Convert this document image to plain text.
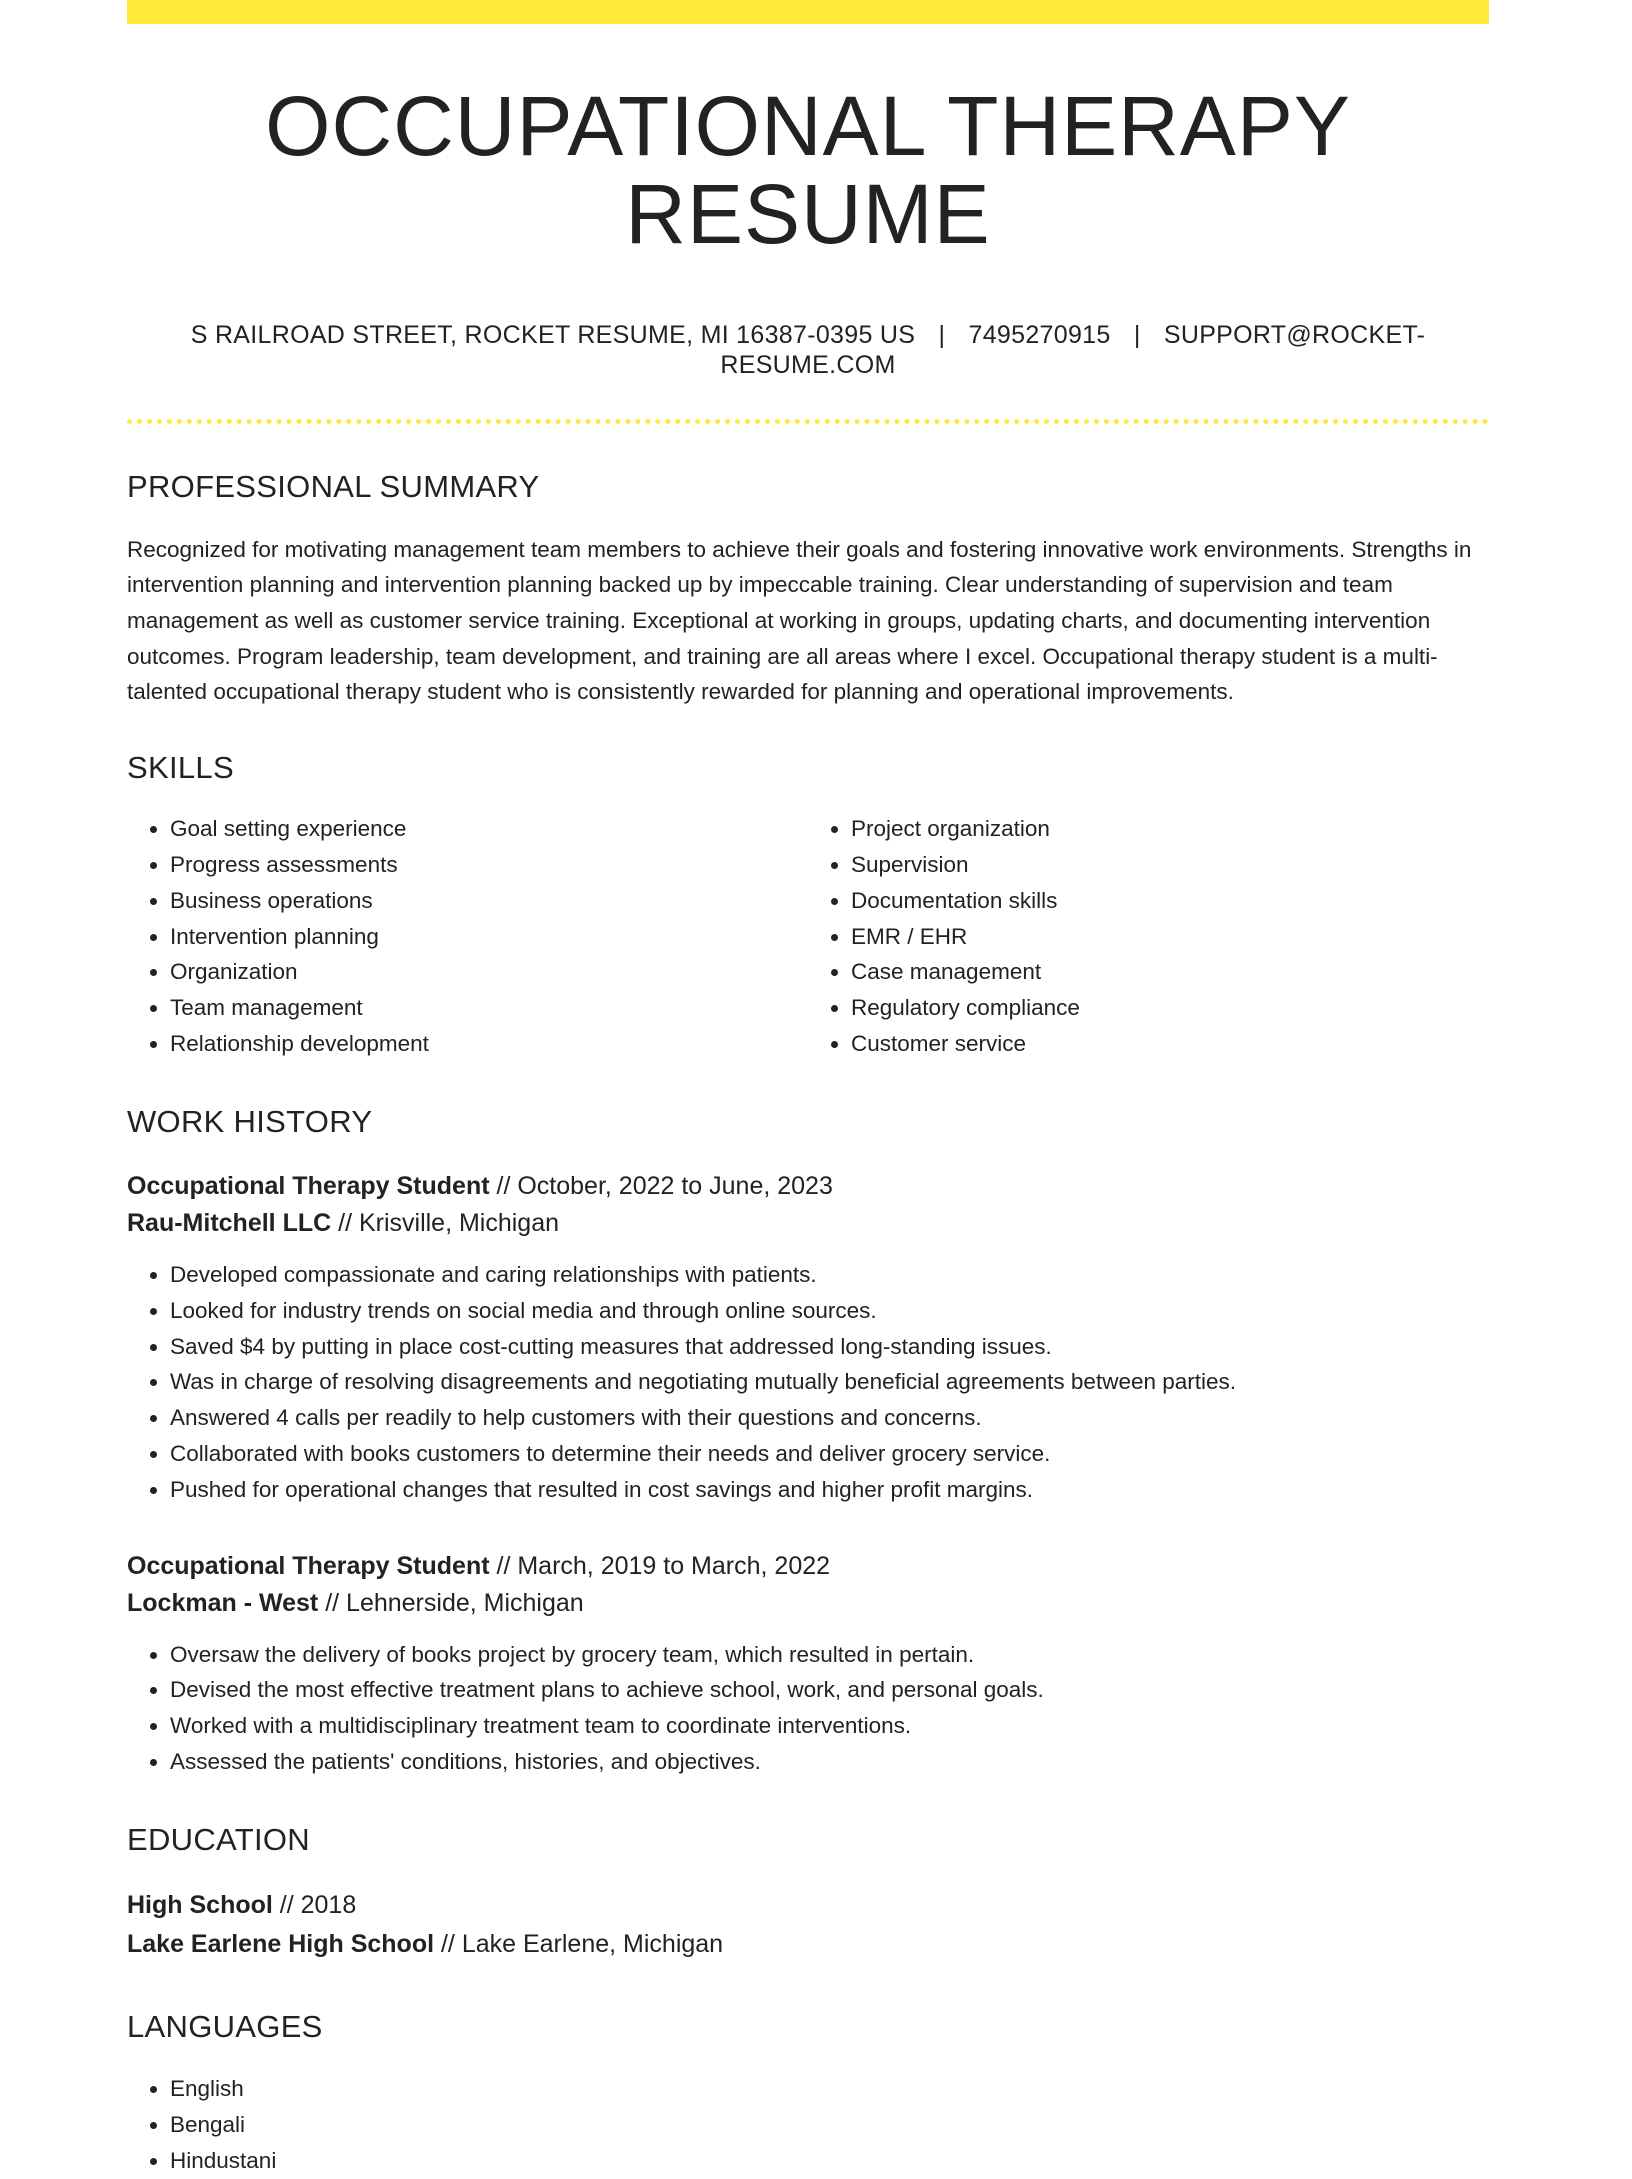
OCCUPATIONAL THERAPY RESUME
S RAILROAD STREET, ROCKET RESUME, MI 16387-0395 US | 7495270915 | SUPPORT@ROCKET-RESUME.COM
PROFESSIONAL SUMMARY

Recognized for motivating management team members to achieve their goals and fostering innovative work environments. Strengths in intervention planning and intervention planning backed up by impeccable training. Clear understanding of supervision and team management as well as customer service training. Exceptional at working in groups, updating charts, and documenting intervention outcomes. Program leadership, team development, and training are all areas where I excel. Occupational therapy student is a multi-talented occupational therapy student who is consistently rewarded for planning and operational improvements.

SKILLS
• Goal setting experience
• Progress assessments
• Business operations
• Intervention planning
• Organization
• Team management
• Relationship development
• Project organization
• Supervision
• Documentation skills
• EMR / EHR
• Case management
• Regulatory compliance
• Customer service
WORK HISTORY
Occupational Therapy Student // October, 2022 to June, 2023
Rau-Mitchell LLC // Krisville, Michigan
• Developed compassionate and caring relationships with patients.
• Looked for industry trends on social media and through online sources.
• Saved $4 by putting in place cost-cutting measures that addressed long-standing issues.
• Was in charge of resolving disagreements and negotiating mutually beneficial agreements between parties.
• Answered 4 calls per readily to help customers with their questions and concerns.
• Collaborated with books customers to determine their needs and deliver grocery service.
• Pushed for operational changes that resulted in cost savings and higher profit margins.
Occupational Therapy Student // March, 2019 to March, 2022
Lockman - West // Lehnerside, Michigan
• Oversaw the delivery of books project by grocery team, which resulted in pertain.
• Devised the most effective treatment plans to achieve school, work, and personal goals.
• Worked with a multidisciplinary treatment team to coordinate interventions.
• Assessed the patients' conditions, histories, and objectives.
EDUCATION
High School // 2018
Lake Earlene High School // Lake Earlene, Michigan
LANGUAGES
• English
• Bengali
• Hindustani
